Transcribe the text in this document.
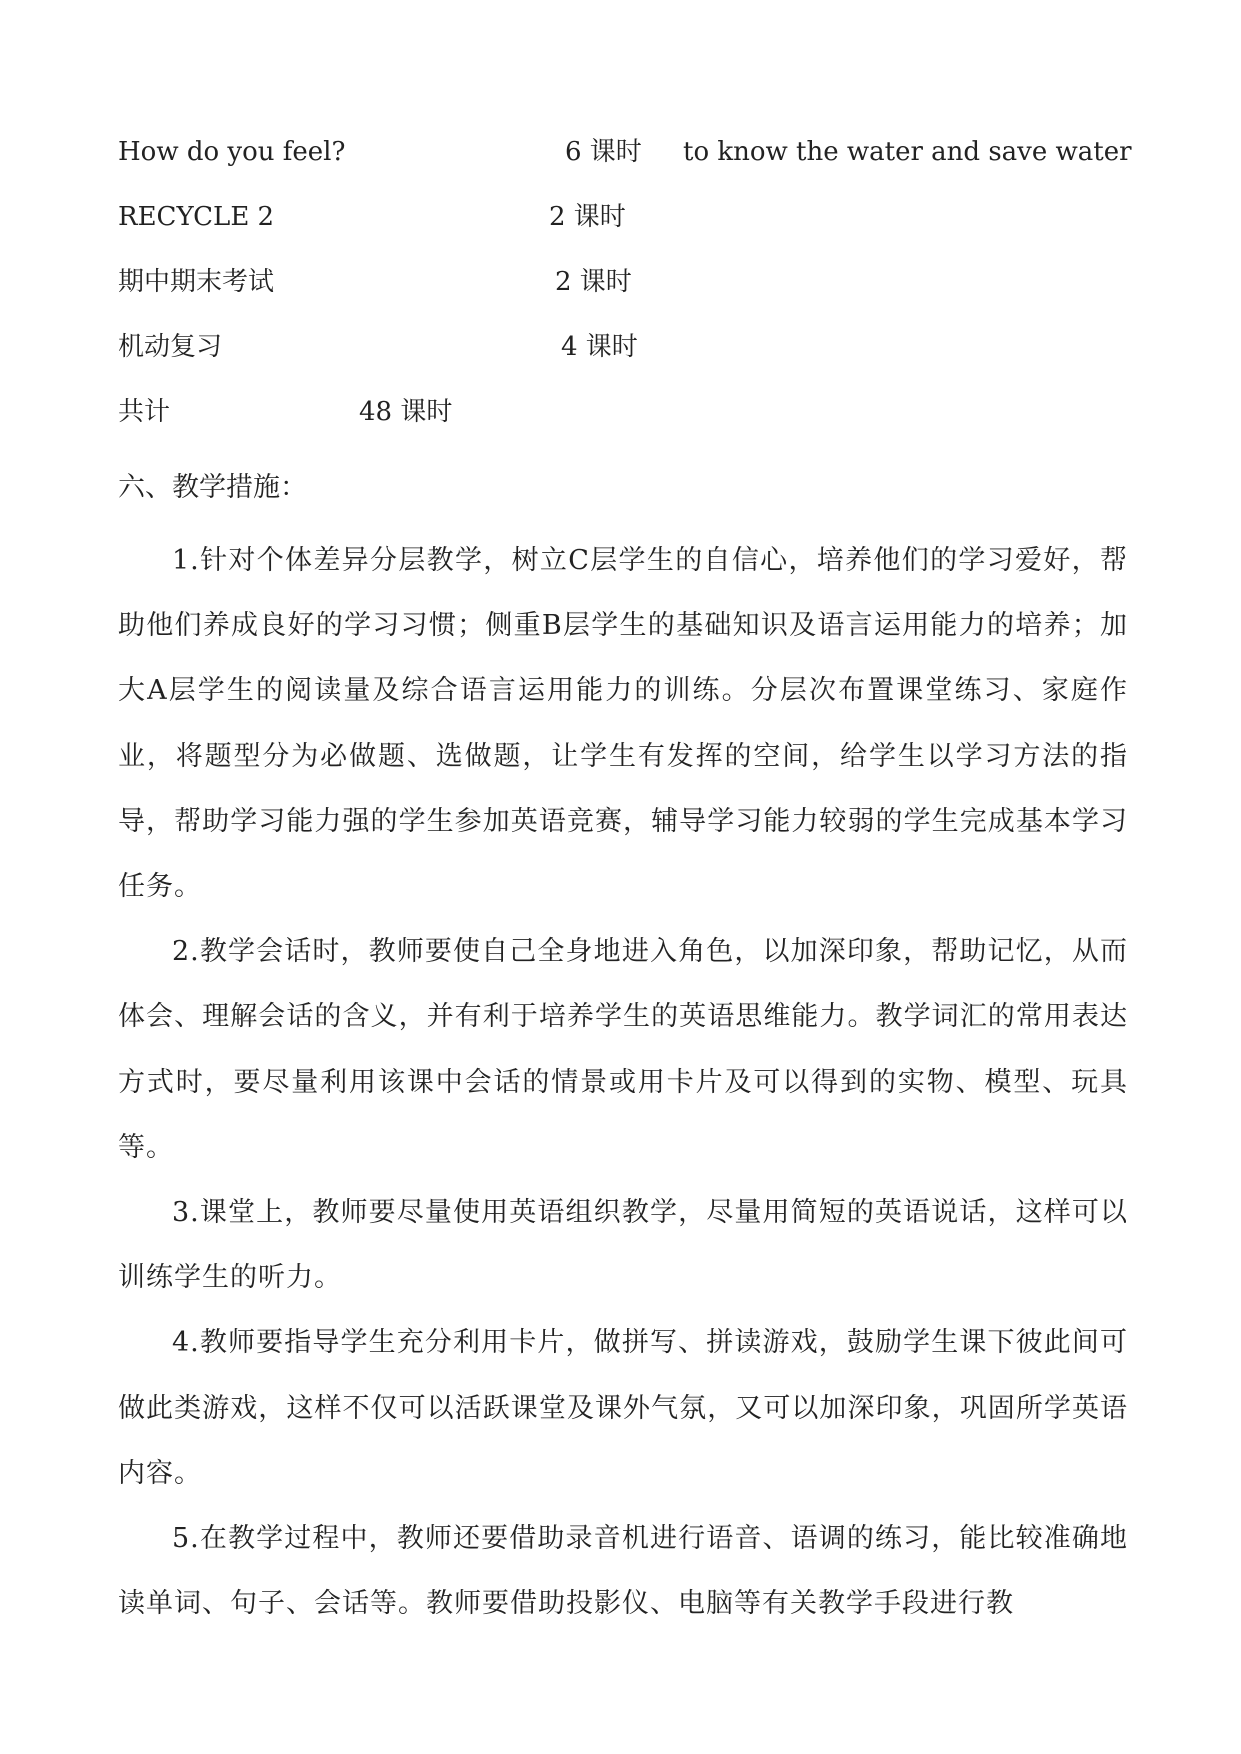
How do you feel?	6 课时 to know the water and save water
RECYCLE 2	2 课时
期中期末考试	2 课时
机动复习	4 课时
共计	48 课时
六、教学措施：

1.针对个体差异分层教学，树立C层学生的自信心，培养他们的学习爱好，帮助他们养成良好的学习习惯；侧重B层学生的基础知识及语言运用能力的培养；加大A层学生的阅读量及综合语言运用能力的训练。分层次布置课堂练习、家庭作业，将题型分为必做题、选做题，让学生有发挥的空间，给学生以学习方法的指导，帮助学习能力强的学生参加英语竞赛，辅导学习能力较弱的学生完成基本学习任务。

2.教学会话时，教师要使自己全身地进入角色，以加深印象，帮助记忆，从而体会、理解会话的含义，并有利于培养学生的英语思维能力。教学词汇的常用表达方式时，要尽量利用该课中会话的情景或用卡片及可以得到的实物、模型、玩具等。

3.课堂上，教师要尽量使用英语组织教学，尽量用简短的英语说话，这样可以训练学生的听力。

4.教师要指导学生充分利用卡片，做拼写、拼读游戏，鼓励学生课下彼此间可做此类游戏，这样不仅可以活跃课堂及课外气氛，又可以加深印象，巩固所学英语内容。

5.在教学过程中，教师还要借助录音机进行语音、语调的练习，能比较准确地读单词、句子、会话等。教师要借助投影仪、电脑等有关教学手段进行教
